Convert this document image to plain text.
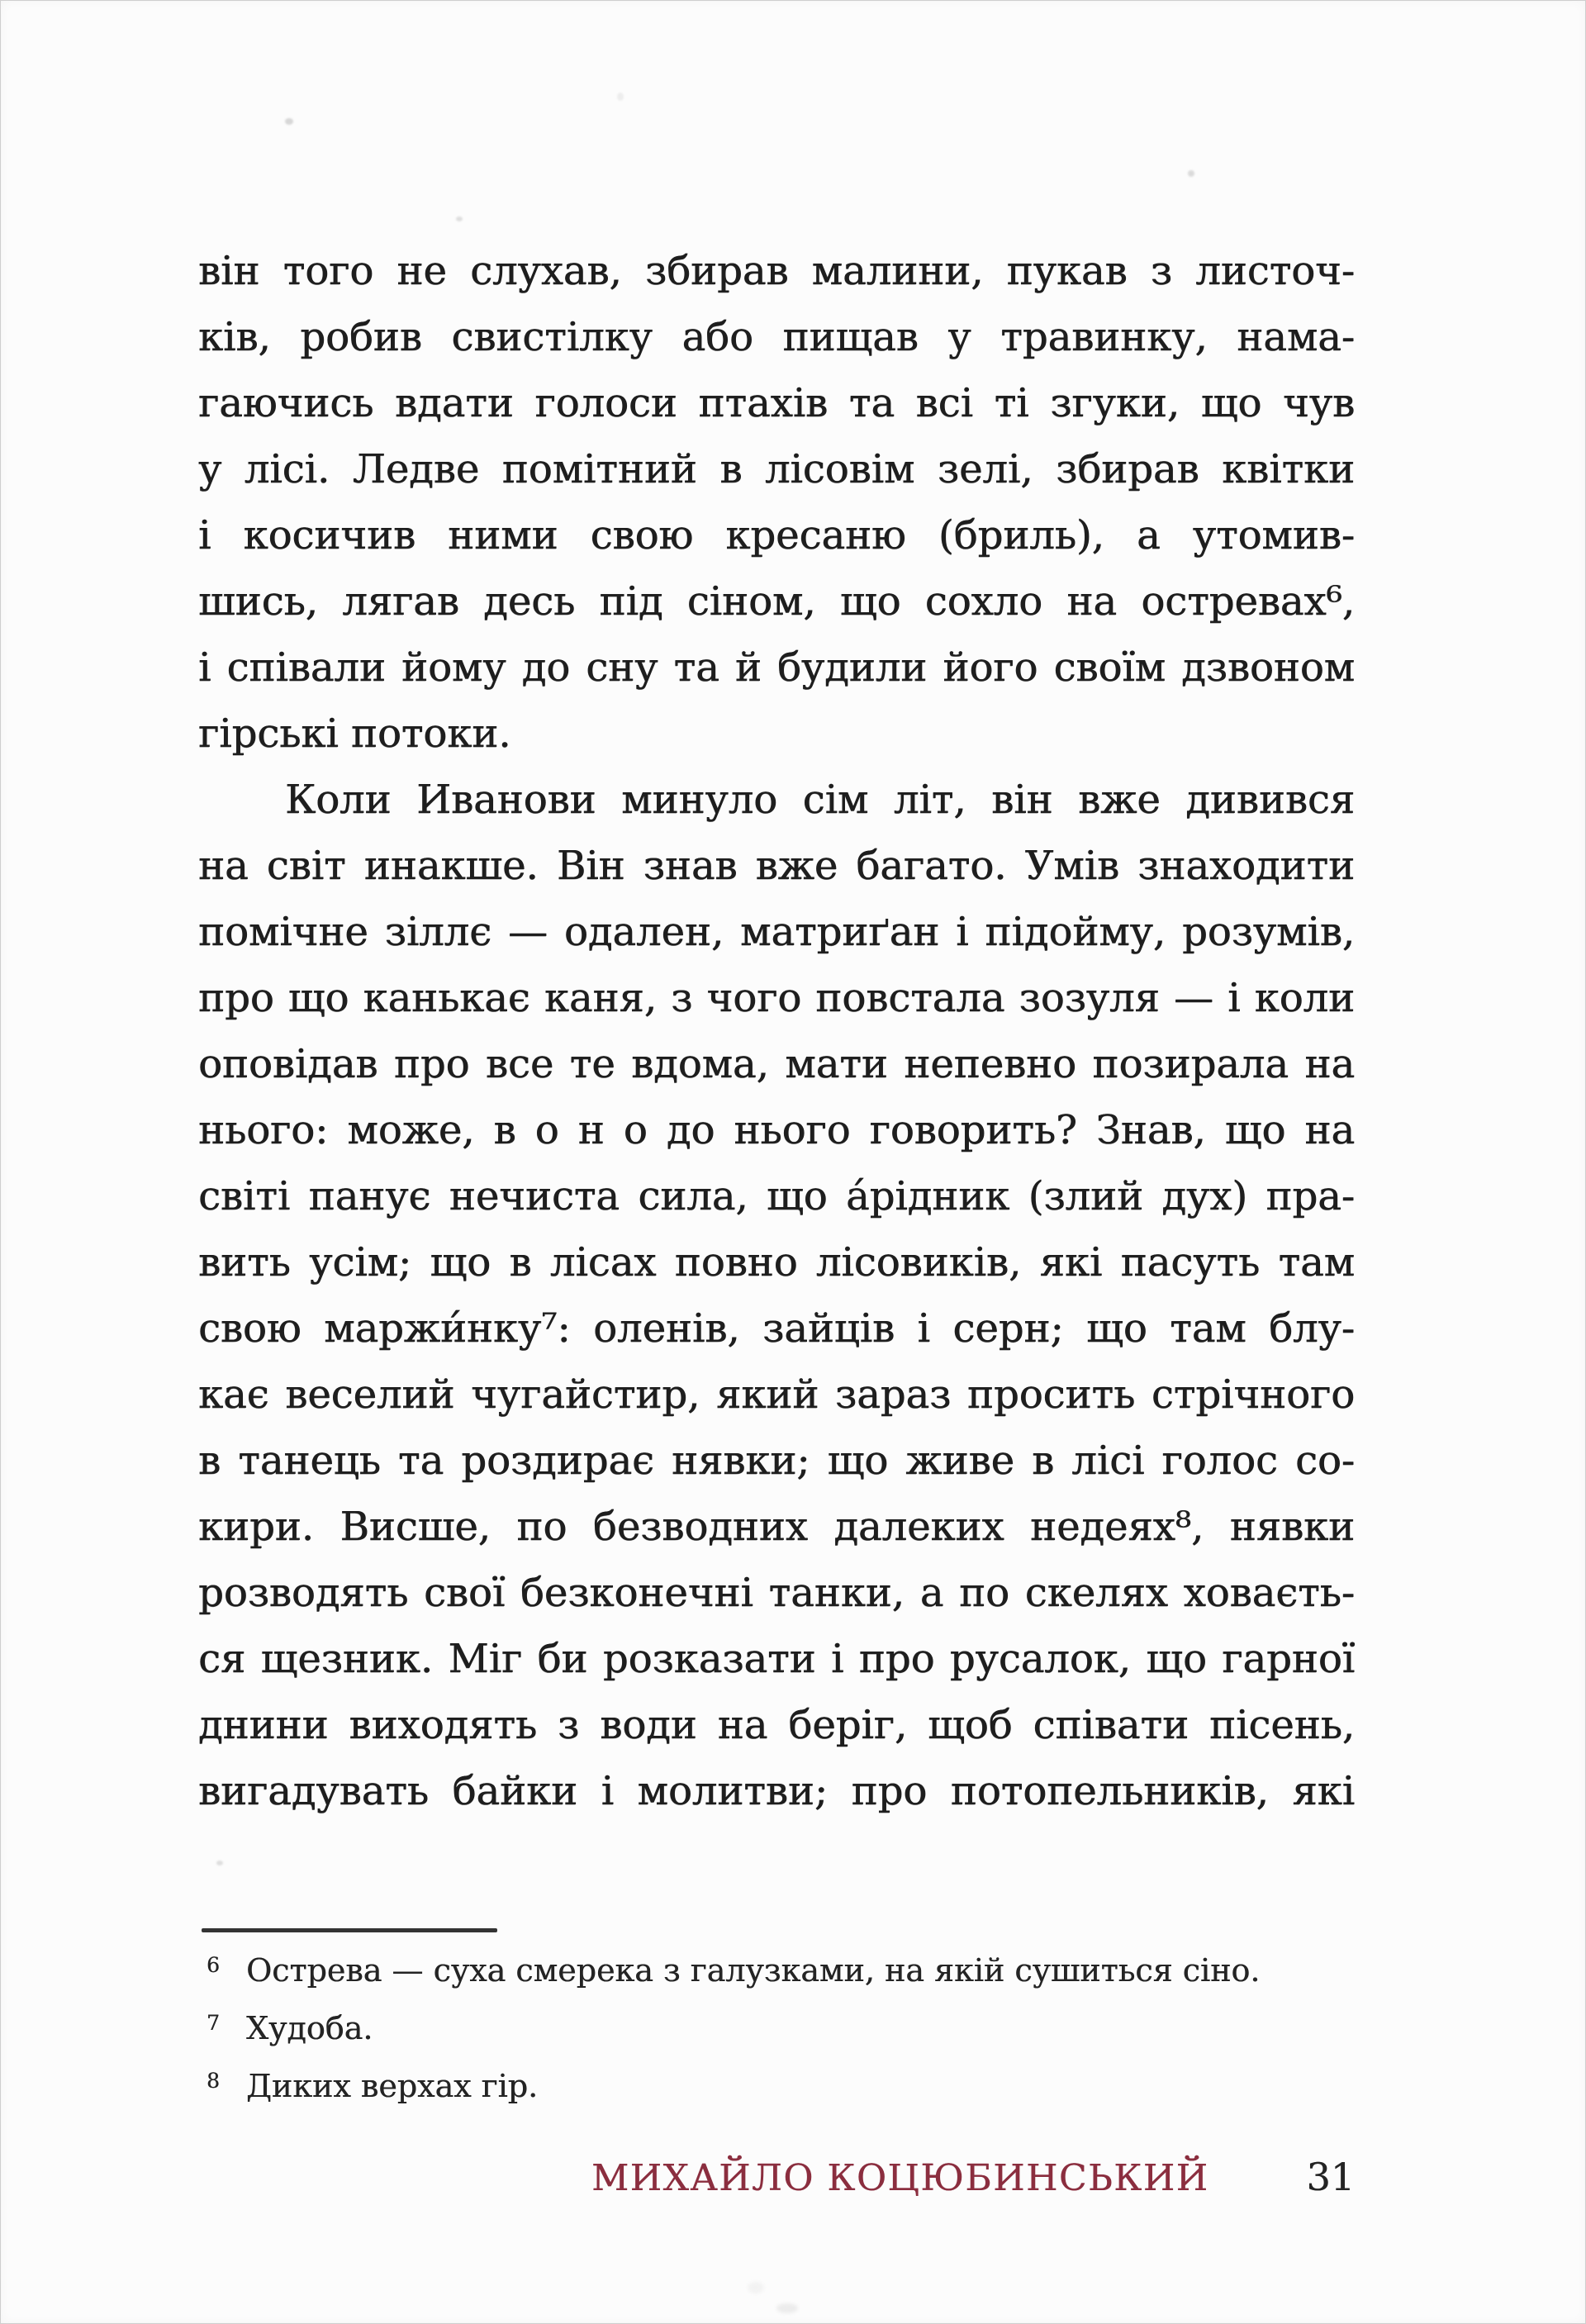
він того не слухав, збирав малини, пукав з листоч-
ків, робив свистілку або пищав у травинку, нама-
гаючись вдати голоси птахів та всі ті згуки, що чув
у лісі. Ледве помітний в лісовім зелі, збирав квітки
і косичив ними свою кресаню (бриль), а утомив-
шись, лягав десь під сіном, що сохло на остревах⁶,
і співали йому до сну та й будили його своїм дзвоном
гірські потоки.
Коли Иванови минуло сім літ, він вже дивився
на світ инакше. Він знав вже багато. Умів знаходити
помічне зіллє — одален, матриґан і підойму, розумів,
про що канькає каня, з чого повстала зозуля — і коли
оповідав про все те вдома, мати непевно позирала на
нього: може, в о н о до нього говорить? Знав, що на
світі панує нечиста сила, що а́рідник (злий дух) пра-
вить усім; що в лісах повно лісовиків, які пасуть там
свою маржи́нку⁷: оленів, зайців і серн; що там блу-
кає веселий чугайстир, який зараз просить стрічного
в танець та роздирає нявки; що живе в лісі голос со-
кири. Висше, по безводних далеких недеях⁸, нявки
розводять свої безконечні танки, а по скелях ховаєть-
ся щезник. Міг би розказати і про русалок, що гарної
днини виходять з води на беріг, щоб співати пісень,
вигадувать байки і молитви; про потопельників, які
6 Острева — суха смерека з галузками, на якій сушиться сіно.
7 Худоба.
8 Диких верхах гір.
МИХАЙЛО КОЦЮБИНСЬКИЙ	31
